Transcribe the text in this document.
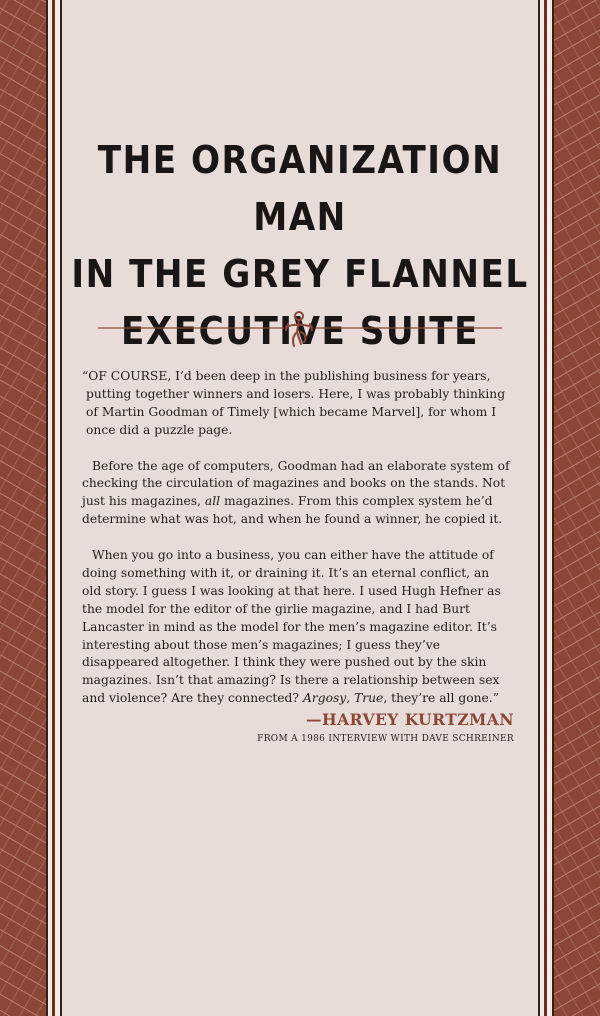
THE ORGANIZATION MAN
IN THE GREY FLANNEL
EXECUTIVE SUITE

“OF COURSE, I’d been deep in the publishing business for years, putting together winners and losers. Here, I was probably thinking of Martin Goodman of Timely [which became Marvel], for whom I once did a puzzle page.

Before the age of computers, Goodman had an elaborate system of checking the circulation of magazines and books on the stands. Not just his magazines, all magazines. From this complex system he’d determine what was hot, and when he found a winner, he copied it.

When you go into a business, you can either have the attitude of doing something with it, or draining it. It’s an eternal conflict, an old story. I guess I was looking at that here. I used Hugh Hefner as the model for the editor of the girlie magazine, and I had Burt Lancaster in mind as the model for the men’s magazine editor. It’s interesting about those men’s magazines; I guess they’ve disappeared altogether. I think they were pushed out by the skin magazines. Isn’t that amazing? Is there a relationship between sex and violence? Are they connected? Argosy, True, they’re all gone.”

—HARVEY KURTZMAN
FROM A 1986 INTERVIEW WITH DAVE SCHREINER
